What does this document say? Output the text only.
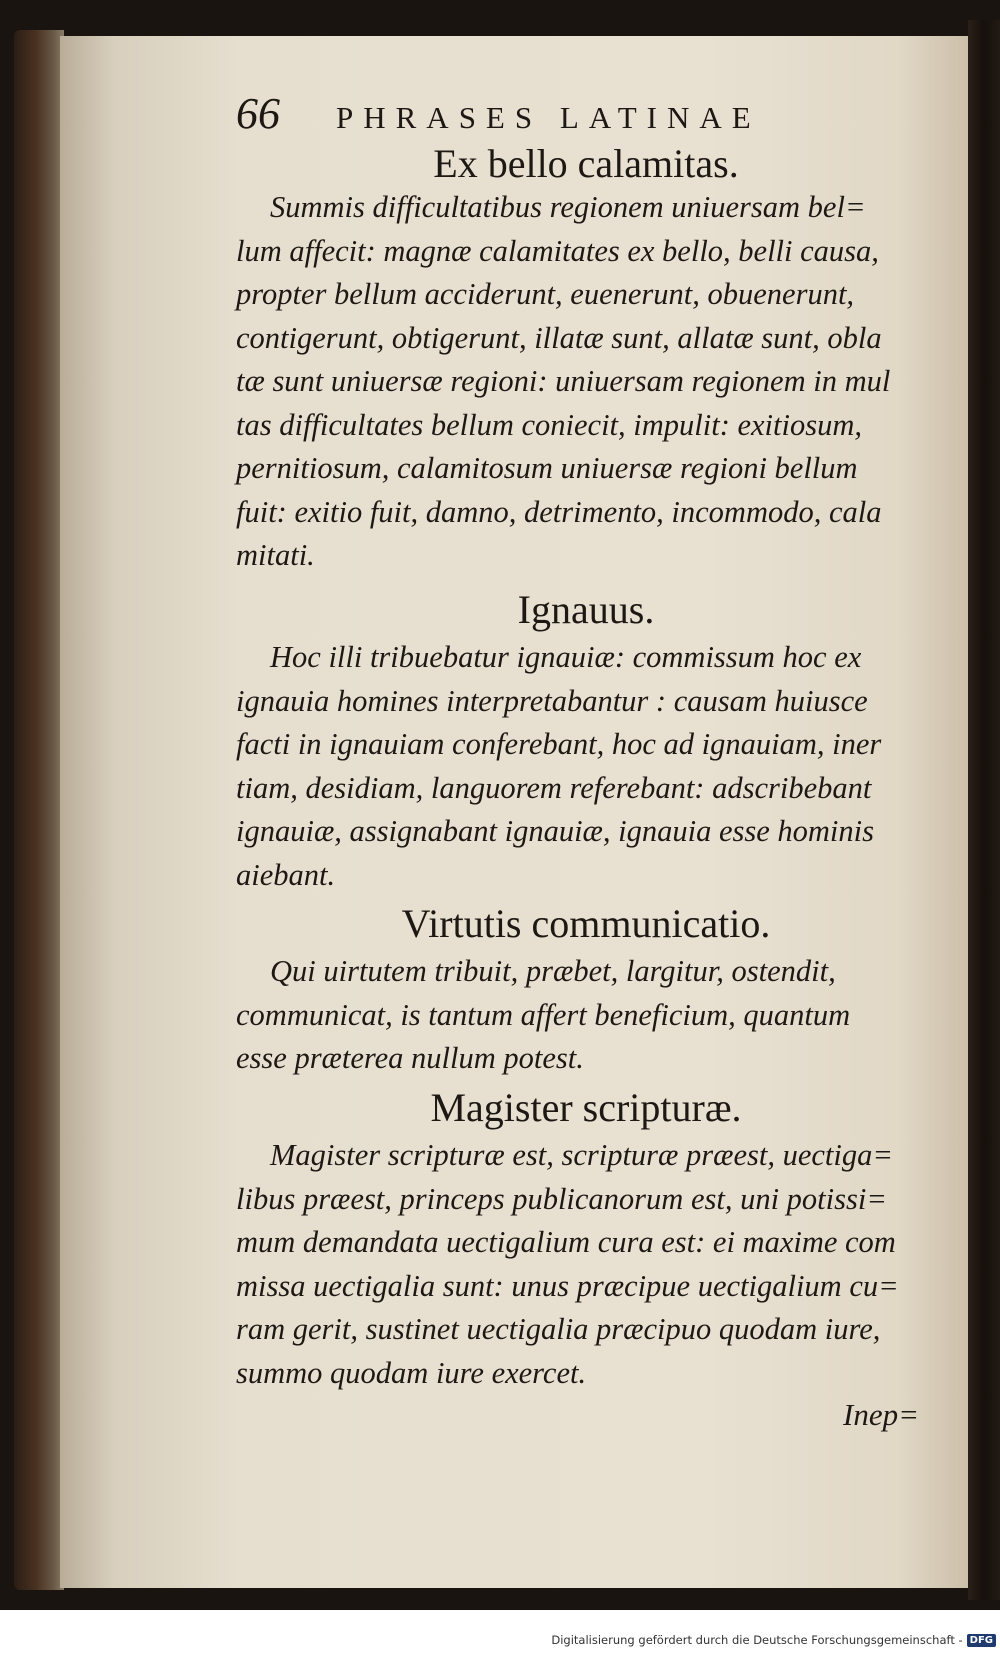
66	PHRASES LATINAE
Ex bello calamitas.
Summis difficultatibus regionem uniuersam bel=
lum affecit: magnæ calamitates ex bello, belli causa,
propter bellum acciderunt, euenerunt, obuenerunt,
contigerunt, obtigerunt, illatæ sunt, allatæ sunt, obla
tæ sunt uniuersæ regioni: uniuersam regionem in mul
tas difficultates bellum coniecit, impulit: exitiosum,
pernitiosum, calamitosum uniuersæ regioni bellum
fuit: exitio fuit, damno, detrimento, incommodo, cala
mitati.
Ignauus.
Hoc illi tribuebatur ignauiæ: commissum hoc ex
ignauia homines interpretabantur : causam huiusce
facti in ignauiam conferebant, hoc ad ignauiam, iner
tiam, desidiam, languorem referebant: adscribebant
ignauiæ, assignabant ignauiæ, ignauia esse hominis
aiebant.
Virtutis communicatio.
Qui uirtutem tribuit, præbet, largitur, ostendit,
communicat, is tantum affert beneficium, quantum
esse præterea nullum potest.
Magister scripturæ.
Magister scripturæ est, scripturæ præest, uectiga=
libus præest, princeps publicanorum est, uni potissi=
mum demandata uectigalium cura est: ei maxime com
missa uectigalia sunt: unus præcipue uectigalium cu=
ram gerit, sustinet uectigalia præcipuo quodam iure,
summo quodam iure exercet.
Inep=
Digitalisierung gefördert durch die Deutsche Forschungsgemeinschaft - DFG
